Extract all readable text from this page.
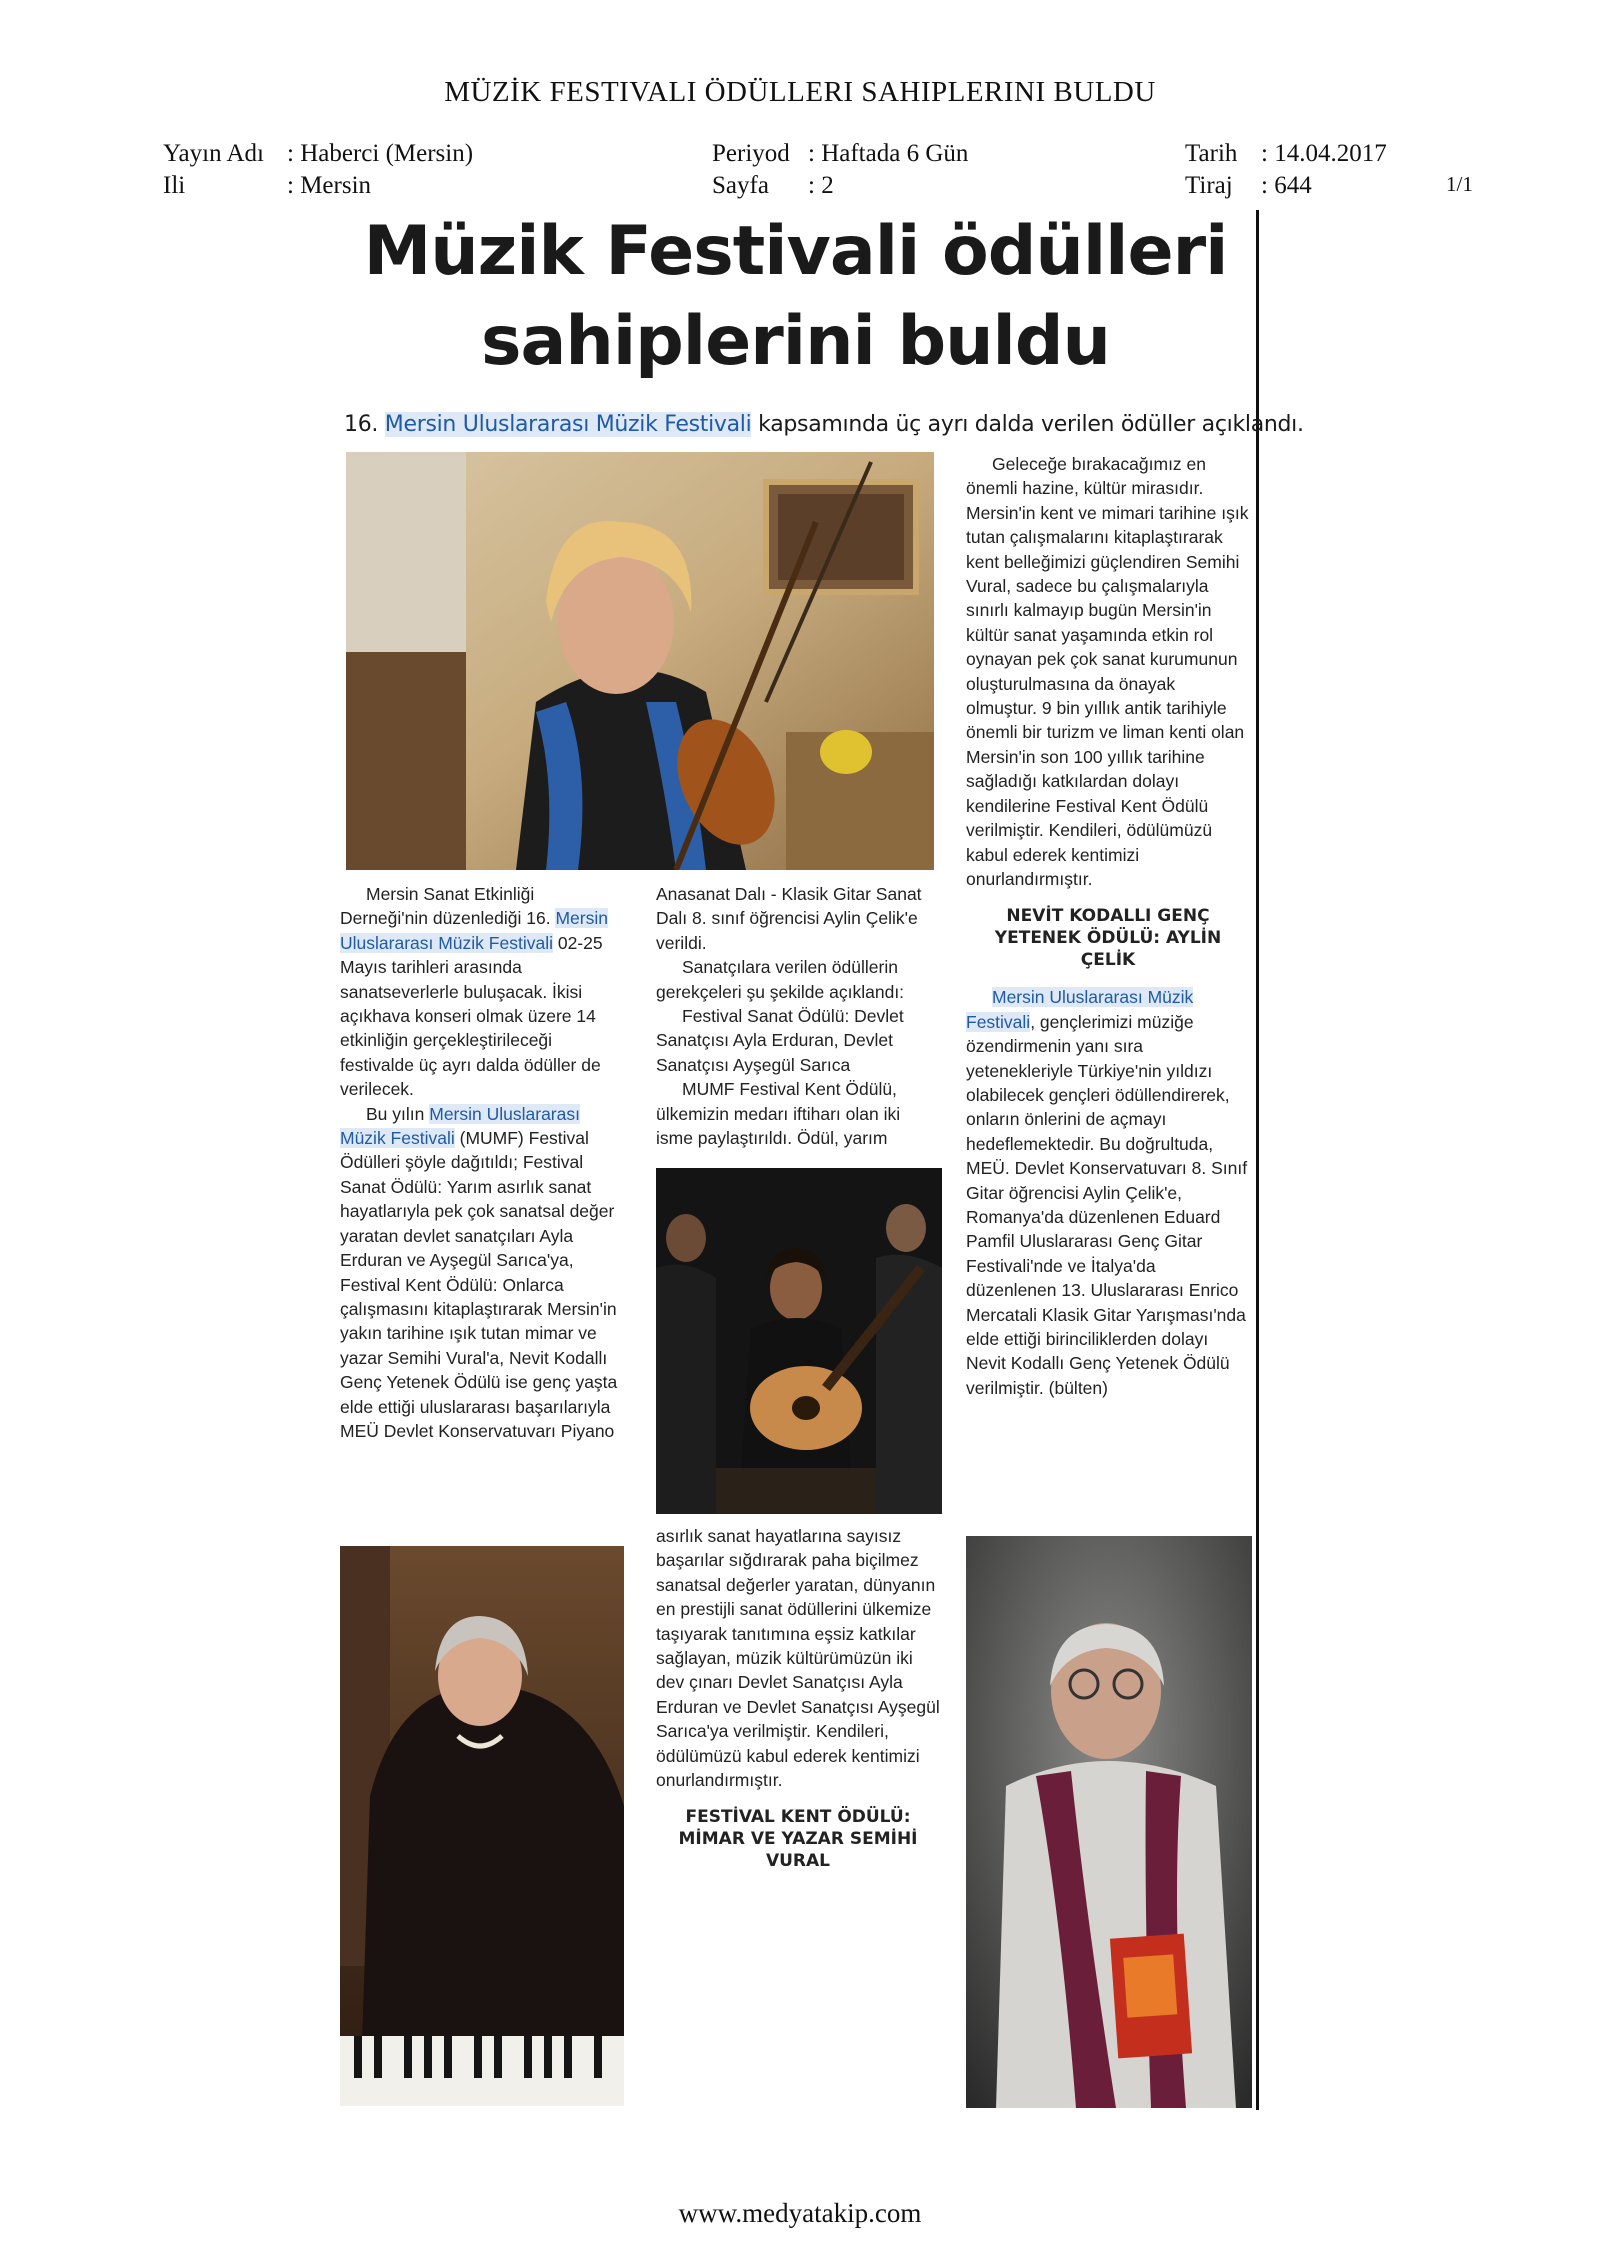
MÜZİK FESTIVALI ÖDÜLLERI SAHIPLERINI BULDU
Yayın Adı : Haberci (Mersin)
Ili	: Mersin
Periyod : Haftada 6 Gün
Sayfa : 2
Tarih : 14.04.2017
Tiraj : 644	1/1
Müzik Festivali ödülleri
sahiplerini buldu
16. Mersin Uluslararası Müzik Festivali kapsamında üç ayrı dalda verilen ödüller açıklandı.

Mersin Sanat Etkinliği Derneği'nin düzenlediği 16. Mersin Uluslararası Müzik Festivali 02-25 Mayıs tarihleri arasında sanatseverlerle buluşacak. İkisi açıkhava konseri olmak üzere 14 etkinliğin gerçekleştirileceği festivalde üç ayrı dalda ödüller de verilecek.

Bu yılın Mersin Uluslararası Müzik Festivali (MUMF) Festival Ödülleri şöyle dağıtıldı; Festival Sanat Ödülü: Yarım asırlık sanat hayatlarıyla pek çok sanatsal değer yaratan devlet sanatçıları Ayla Erduran ve Ayşegül Sarıca'ya, Festival Kent Ödülü: Onlarca çalışmasını kitaplaştırarak Mersin'in yakın tarihine ışık tutan mimar ve yazar Semihi Vural'a, Nevit Kodallı Genç Yetenek Ödülü ise genç yaşta elde ettiği uluslararası başarılarıyla MEÜ Devlet Konservatuvarı Piyano

Anasanat Dalı - Klasik Gitar Sanat Dalı 8. sınıf öğrencisi Aylin Çelik'e verildi.

Sanatçılara verilen ödüllerin gerekçeleri şu şekilde açıklandı:

Festival Sanat Ödülü: Devlet Sanatçısı Ayla Erduran, Devlet Sanatçısı Ayşegül Sarıca

MUMF Festival Kent Ödülü, ülkemizin medarı iftiharı olan iki isme paylaştırıldı. Ödül, yarım

asırlık sanat hayatlarına sayısız başarılar sığdırarak paha biçilmez sanatsal değerler yaratan, dünyanın en prestijli sanat ödüllerini ülkemize taşıyarak tanıtımına eşsiz katkılar sağlayan, müzik kültürümüzün iki dev çınarı Devlet Sanatçısı Ayla Erduran ve Devlet Sanatçısı Ayşegül Sarıca'ya verilmiştir. Kendileri, ödülümüzü kabul ederek kentimizi onurlandırmıştır.

FESTİVAL KENT ÖDÜLÜ: MİMAR VE YAZAR SEMİHİ VURAL

Geleceğe bırakacağımız en önemli hazine, kültür mirasıdır. Mersin'in kent ve mimari tarihine ışık tutan çalışmalarını kitaplaştırarak kent belleğimizi güçlendiren Semihi Vural, sadece bu çalışmalarıyla sınırlı kalmayıp bugün Mersin'in kültür sanat yaşamında etkin rol oynayan pek çok sanat kurumunun oluşturulmasına da önayak olmuştur. 9 bin yıllık antik tarihiyle önemli bir turizm ve liman kenti olan Mersin'in son 100 yıllık tarihine sağladığı katkılardan dolayı kendilerine Festival Kent Ödülü verilmiştir. Kendileri, ödülümüzü kabul ederek kentimizi onurlandırmıştır.

NEVİT KODALLI GENÇ YETENEK ÖDÜLÜ: AYLİN ÇELİK

Mersin Uluslararası Müzik Festivali, gençlerimizi müziğe özendirmenin yanı sıra yetenekleriyle Türkiye'nin yıldızı olabilecek gençleri ödüllendirerek, onların önlerini de açmayı hedeflemektedir. Bu doğrultuda, MEÜ. Devlet Konservatuvarı 8. Sınıf Gitar öğrencisi Aylin Çelik'e, Romanya'da düzenlenen Eduard Pamfil Uluslararası Genç Gitar Festivali'nde ve İtalya'da düzenlenen 13. Uluslararası Enrico Mercatali Klasik Gitar Yarışması'nda elde ettiği birinciliklerden dolayı Nevit Kodallı Genç Yetenek Ödülü verilmiştir. (bülten)

www.medyatakip.com
